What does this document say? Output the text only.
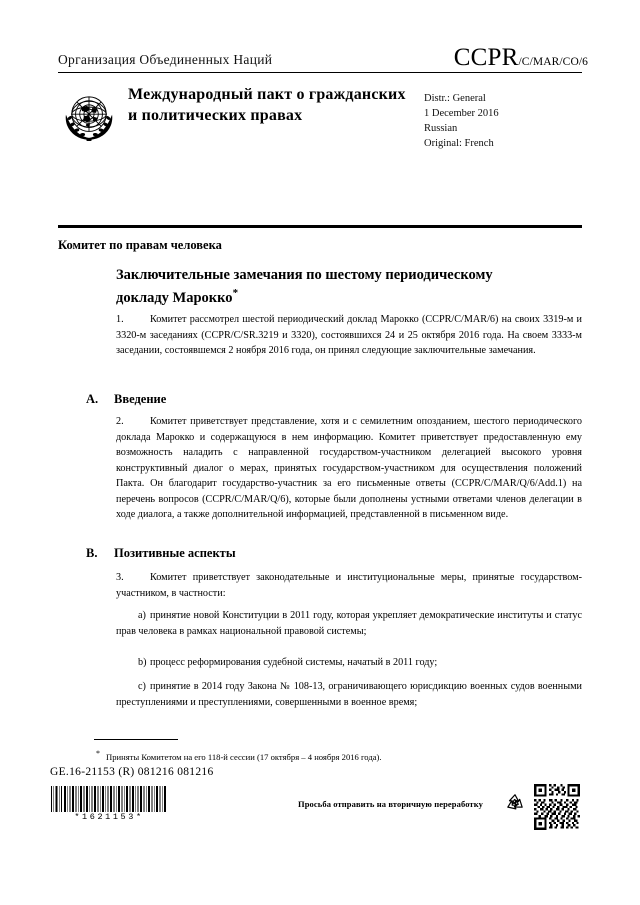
Организация Объединенных Наций	CCPR/C/MAR/CO/6
Международный пакт о гражданских и политических правах
Distr.: General
1 December 2016
Russian
Original: French
Комитет по правам человека
Заключительные замечания по шестому периодическому докладу Марокко*
1.	Комитет рассмотрел шестой периодический доклад Марокко (CCPR/C/MAR/6) на своих 3319-м и 3320-м заседаниях (CCPR/C/SR.3219 и 3320), состоявшихся 24 и 25 октября 2016 года. На своем 3333-м заседании, состоявшемся 2 ноября 2016 года, он принял следующие заключительные замечания.
A. Введение
2.	Комитет приветствует представление, хотя и с семилетним опозданием, шестого периодического доклада Марокко и содержащуюся в нем информацию. Комитет приветствует предоставленную ему возможность наладить с направленной государством-участником делегацией высокого уровня конструктивный диалог о мерах, принятых государством-участником для осуществления положений Пакта. Он благодарит государство-участник за его письменные ответы (CCPR/C/MAR/Q/6/Add.1) на перечень вопросов (CCPR/C/MAR/Q/6), которые были дополнены устными ответами членов делегации в ходе диалога, а также дополнительной информацией, представленной в письменном виде.
B. Позитивные аспекты
3.	Комитет приветствует законодательные и институциональные меры, принятые государством-участником, в частности:
a) принятие новой Конституции в 2011 году, которая укрепляет демократические институты и статус прав человека в рамках национальной правовой системы;
b) процесс реформирования судебной системы, начатый в 2011 году;
c) принятие в 2014 году Закона № 108-13, ограничивающего юрисдикцию военных судов военными преступлениями и преступлениями, совершенными в военное время;
* Приняты Комитетом на его 118-й сессии (17 октября – 4 ноября 2016 года).
GE.16-21153 (R) 081216 081216
*1621153*
Просьба отправить на вторичную переработку
